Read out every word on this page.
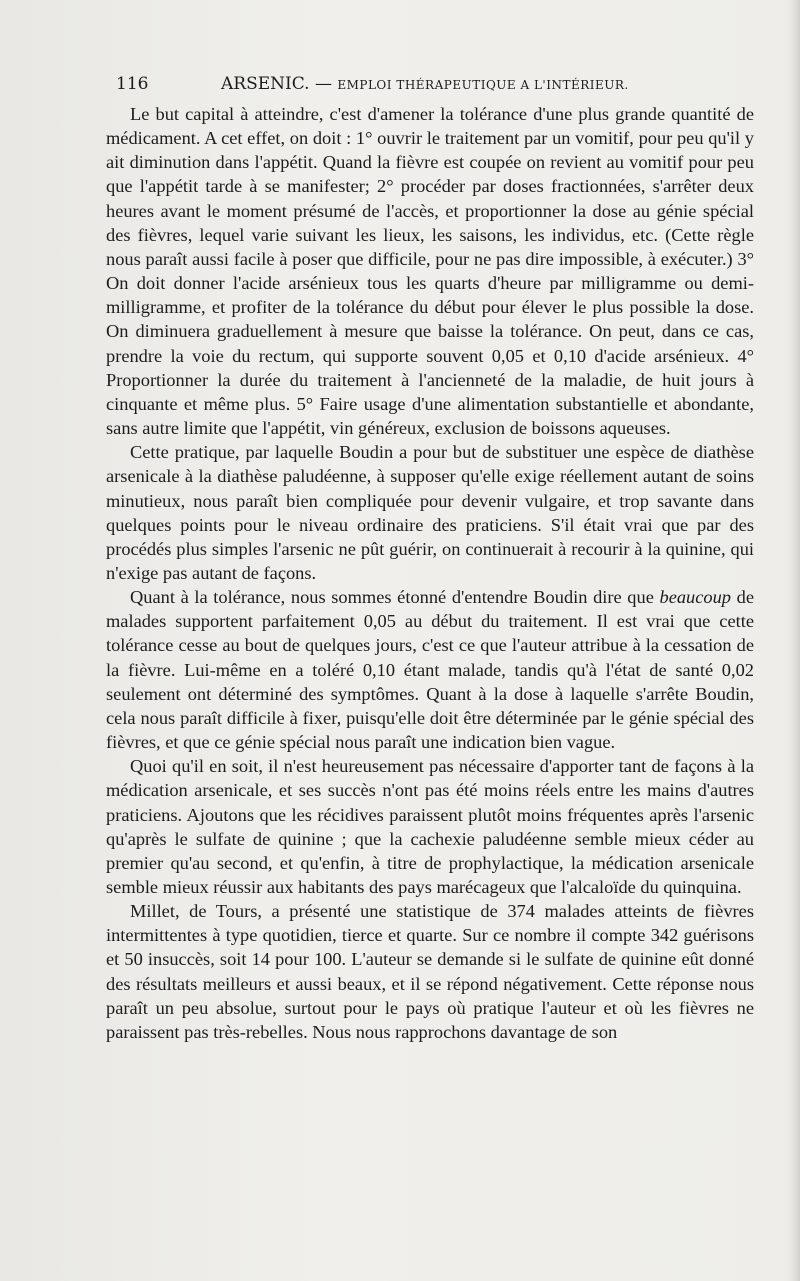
116	ARSENIC. — EMPLOI THÉRAPEUTIQUE A L'INTÉRIEUR.

Le but capital à atteindre, c'est d'amener la tolérance d'une plus grande quantité de médicament. A cet effet, on doit : 1° ouvrir le traitement par un vomitif, pour peu qu'il y ait diminution dans l'appétit. Quand la fièvre est coupée on revient au vomitif pour peu que l'appétit tarde à se manifester; 2° procéder par doses fractionnées, s'arrêter deux heures avant le moment présumé de l'accès, et proportionner la dose au génie spécial des fièvres, lequel varie suivant les lieux, les saisons, les individus, etc. (Cette règle nous paraît aussi facile à poser que difficile, pour ne pas dire impossible, à exécuter.) 3° On doit donner l'acide arsénieux tous les quarts d'heure par milligramme ou demi-milligramme, et profiter de la tolérance du début pour élever le plus possible la dose. On diminuera graduellement à mesure que baisse la tolérance. On peut, dans ce cas, prendre la voie du rectum, qui supporte souvent 0,05 et 0,10 d'acide arsénieux. 4° Proportionner la durée du traitement à l'ancienneté de la maladie, de huit jours à cinquante et même plus. 5° Faire usage d'une alimentation substantielle et abondante, sans autre limite que l'appétit, vin généreux, exclusion de boissons aqueuses.

Cette pratique, par laquelle Boudin a pour but de substituer une espèce de diathèse arsenicale à la diathèse paludéenne, à supposer qu'elle exige réellement autant de soins minutieux, nous paraît bien compliquée pour devenir vulgaire, et trop savante dans quelques points pour le niveau ordinaire des praticiens. S'il était vrai que par des procédés plus simples l'arsenic ne pût guérir, on continuerait à recourir à la quinine, qui n'exige pas autant de façons.

Quant à la tolérance, nous sommes étonné d'entendre Boudin dire que beaucoup de malades supportent parfaitement 0,05 au début du traitement. Il est vrai que cette tolérance cesse au bout de quelques jours, c'est ce que l'auteur attribue à la cessation de la fièvre. Lui-même en a toléré 0,10 étant malade, tandis qu'à l'état de santé 0,02 seulement ont déterminé des symptômes. Quant à la dose à laquelle s'arrête Boudin, cela nous paraît difficile à fixer, puisqu'elle doit être déterminée par le génie spécial des fièvres, et que ce génie spécial nous paraît une indication bien vague.

Quoi qu'il en soit, il n'est heureusement pas nécessaire d'apporter tant de façons à la médication arsenicale, et ses succès n'ont pas été moins réels entre les mains d'autres praticiens. Ajoutons que les récidives paraissent plutôt moins fréquentes après l'arsenic qu'après le sulfate de quinine ; que la cachexie paludéenne semble mieux céder au premier qu'au second, et qu'enfin, à titre de prophylactique, la médication arsenicale semble mieux réussir aux habitants des pays marécageux que l'alcaloïde du quinquina.

Millet, de Tours, a présenté une statistique de 374 malades atteints de fièvres intermittentes à type quotidien, tierce et quarte. Sur ce nombre il compte 342 guérisons et 50 insuccès, soit 14 pour 100. L'auteur se demande si le sulfate de quinine eût donné des résultats meilleurs et aussi beaux, et il se répond négativement. Cette réponse nous paraît un peu absolue, surtout pour le pays où pratique l'auteur et où les fièvres ne paraissent pas très-rebelles. Nous nous rapprochons davantage de son
